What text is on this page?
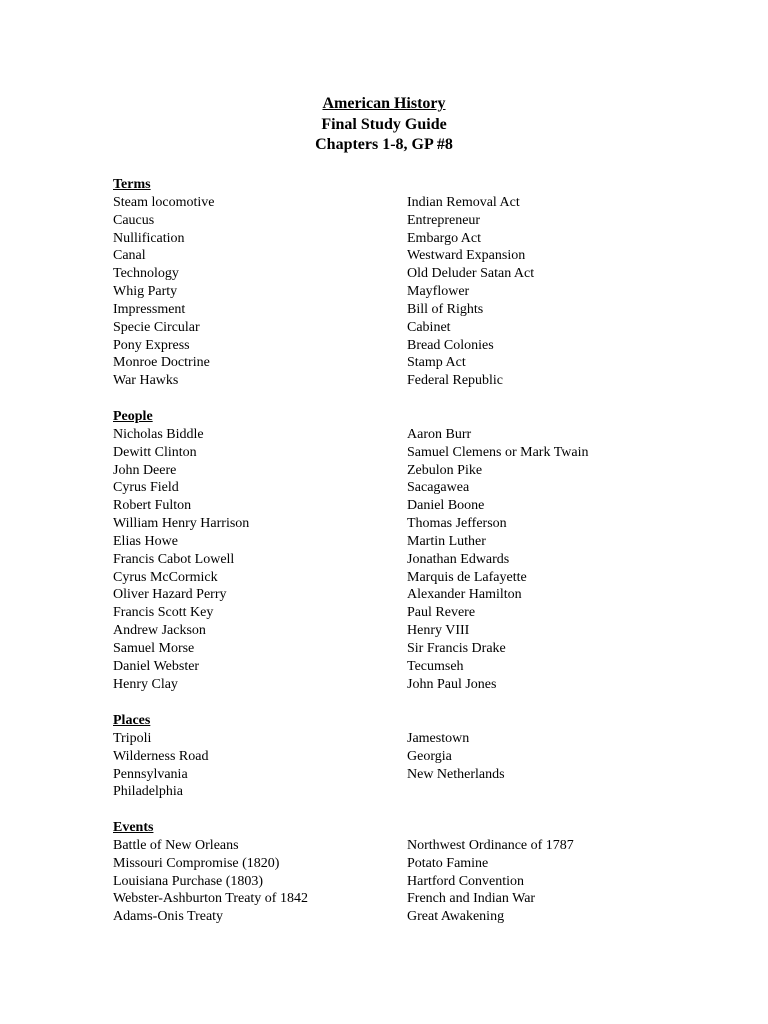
American History
Final Study Guide
Chapters 1-8, GP #8
Terms
Steam locomotive	Indian Removal Act
Caucus	Entrepreneur
Nullification	Embargo Act
Canal	Westward Expansion
Technology	Old Deluder Satan Act
Whig Party	Mayflower
Impressment	Bill of Rights
Specie Circular	Cabinet
Pony Express	Bread Colonies
Monroe Doctrine	Stamp Act
War Hawks	Federal Republic
People
Nicholas Biddle	Aaron Burr
Dewitt Clinton	Samuel Clemens or Mark Twain
John Deere	Zebulon Pike
Cyrus Field	Sacagawea
Robert Fulton	Daniel Boone
William Henry Harrison	Thomas Jefferson
Elias Howe	Martin Luther
Francis Cabot Lowell	Jonathan Edwards
Cyrus McCormick	Marquis de Lafayette
Oliver Hazard Perry	Alexander Hamilton
Francis Scott Key	Paul Revere
Andrew Jackson	Henry VIII
Samuel Morse	Sir Francis Drake
Daniel Webster	Tecumseh
Henry Clay	John Paul Jones
Places
Tripoli	Jamestown
Wilderness Road	Georgia
Pennsylvania	New Netherlands
Philadelphia
Events
Battle of New Orleans	Northwest Ordinance of 1787
Missouri Compromise (1820)	Potato Famine
Louisiana Purchase (1803)	Hartford Convention
Webster-Ashburton Treaty of 1842	French and Indian War
Adams-Onis Treaty	Great Awakening
